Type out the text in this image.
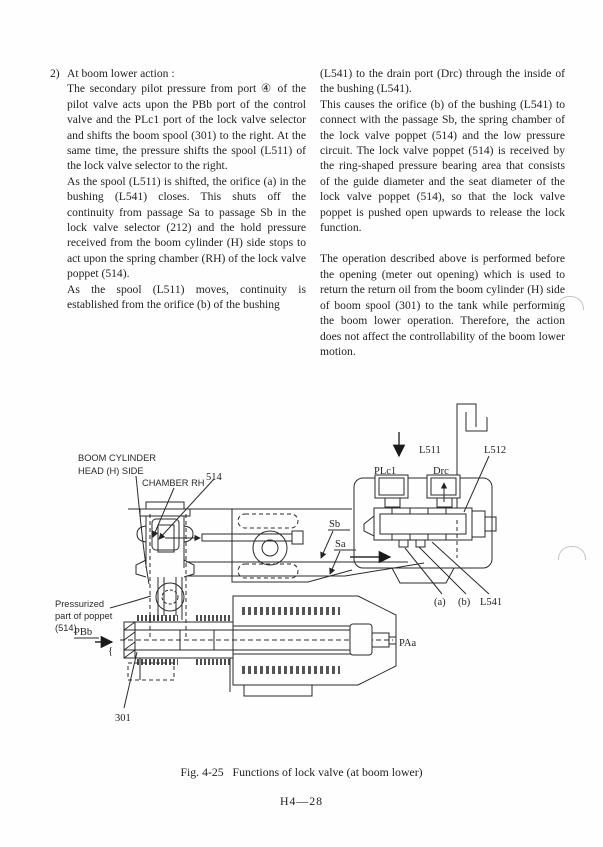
2) At boom lower action :

The secondary pilot pressure from port ④ of the pilot valve acts upon the PBb port of the control valve and the PLc1 port of the lock valve selector and shifts the boom spool (301) to the right. At the same time, the pressure shifts the spool (L511) of the lock valve selector to the right.

As the spool (L511) is shifted, the orifice (a) in the bushing (L541) closes. This shuts off the continuity from passage Sa to passage Sb in the lock valve selector (212) and the hold pressure received from the boom cylinder (H) side stops to act upon the spring chamber (RH) of the lock valve poppet (514).

As the spool (L511) moves, continuity is established from the orifice (b) of the bushing

(L541) to the drain port (Drc) through the inside of the bushing (L541).

This causes the orifice (b) of the bushing (L541) to connect with the passage Sb, the spring chamber of the lock valve poppet (514) and the low pressure circuit. The lock valve poppet (514) is received by the ring-shaped pressure bearing area that consists of the guide diameter and the seat diameter of the lock valve poppet (514), so that the lock valve poppet is pushed open upwards to release the lock function.

The operation described above is performed before the opening (meter out opening) which is used to return the return oil from the boom cylinder (H) side of boom spool (301) to the tank while performing the boom lower operation. Therefore, the action does not affect the controllability of the boom lower motion.

BOOM CYLINDER
HEAD (H) SIDE
CHAMBER RH 514
L511	L512
PLc1	Drc
Sb
Sa
(a) (b) L541
Pressurized
part of poppet
(514)
PBb
{
PAa
301
Fig. 4-25   Functions of lock valve (at boom lower)
H4—28
